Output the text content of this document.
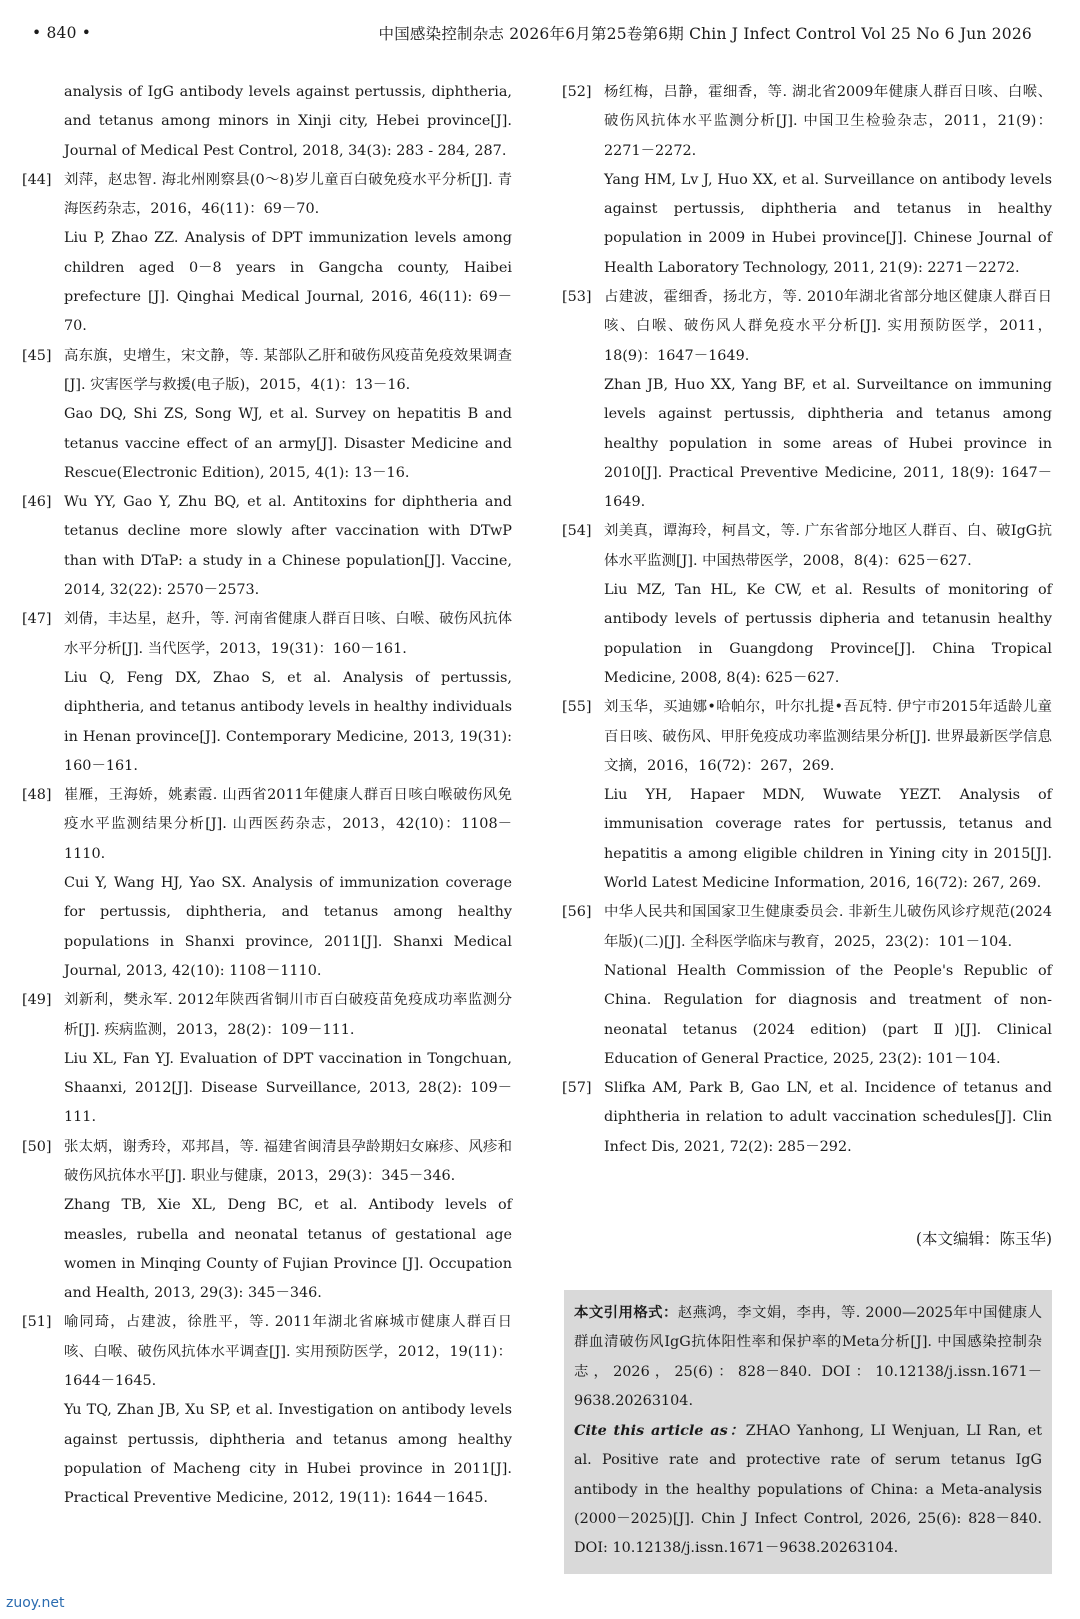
• 840 •	中国感染控制杂志 2026年6月第25卷第6期 Chin J Infect Control Vol 25 No 6 Jun 2026
analysis of IgG antibody levels against pertussis, diphtheria, and tetanus among minors in Xinji city, Hebei province[J]. Journal of Medical Pest Control, 2018, 34(3): 283 - 284, 287.
[44] 刘萍，赵忠智. 海北州刚察县(0～8)岁儿童百白破免疫水平分析[J]. 青海医药杂志，2016，46(11)：69－70.
Liu P, Zhao ZZ. Analysis of DPT immunization levels among children aged 0－8 years in Gangcha county, Haibei prefecture [J]. Qinghai Medical Journal, 2016, 46(11): 69－70.
[45] 高东旗，史增生，宋文静，等. 某部队乙肝和破伤风疫苗免疫效果调查[J]. 灾害医学与救援(电子版)，2015，4(1)：13－16.
Gao DQ, Shi ZS, Song WJ, et al. Survey on hepatitis B and tetanus vaccine effect of an army[J]. Disaster Medicine and Rescue(Electronic Edition), 2015, 4(1): 13－16.
[46] Wu YY, Gao Y, Zhu BQ, et al. Antitoxins for diphtheria and tetanus decline more slowly after vaccination with DTwP than with DTaP: a study in a Chinese population[J]. Vaccine, 2014, 32(22): 2570－2573.
[47] 刘倩，丰达星，赵升，等. 河南省健康人群百日咳、白喉、破伤风抗体水平分析[J]. 当代医学，2013，19(31)：160－161.
Liu Q, Feng DX, Zhao S, et al. Analysis of pertussis, diphtheria, and tetanus antibody levels in healthy individuals in Henan province[J]. Contemporary Medicine, 2013, 19(31): 160－161.
[48] 崔雁，王海娇，姚素霞. 山西省2011年健康人群百日咳白喉破伤风免疫水平监测结果分析[J]. 山西医药杂志，2013，42(10)：1108－1110.
Cui Y, Wang HJ, Yao SX. Analysis of immunization coverage for pertussis, diphtheria, and tetanus among healthy populations in Shanxi province, 2011[J]. Shanxi Medical Journal, 2013, 42(10): 1108－1110.
[49] 刘新利，樊永军. 2012年陕西省铜川市百白破疫苗免疫成功率监测分析[J]. 疾病监测，2013，28(2)：109－111.
Liu XL, Fan YJ. Evaluation of DPT vaccination in Tongchuan, Shaanxi, 2012[J]. Disease Surveillance, 2013, 28(2): 109－111.
[50] 张太炳，谢秀玲，邓邦昌，等. 福建省闽清县孕龄期妇女麻疹、风疹和破伤风抗体水平[J]. 职业与健康，2013，29(3)：345－346.
Zhang TB, Xie XL, Deng BC, et al. Antibody levels of measles, rubella and neonatal tetanus of gestational age women in Minqing County of Fujian Province [J]. Occupation and Health, 2013, 29(3): 345－346.
[51] 喻同琦，占建波，徐胜平，等. 2011年湖北省麻城市健康人群百日咳、白喉、破伤风抗体水平调查[J]. 实用预防医学，2012，19(11)：1644－1645.
Yu TQ, Zhan JB, Xu SP, et al. Investigation on antibody levels against pertussis, diphtheria and tetanus among healthy population of Macheng city in Hubei province in 2011[J]. Practical Preventive Medicine, 2012, 19(11): 1644－1645.
[52] 杨红梅，吕静，霍细香，等. 湖北省2009年健康人群百日咳、白喉、破伤风抗体水平监测分析[J]. 中国卫生检验杂志，2011，21(9)：2271－2272.
Yang HM, Lv J, Huo XX, et al. Surveillance on antibody levels against pertussis, diphtheria and tetanus in healthy population in 2009 in Hubei province[J]. Chinese Journal of Health Laboratory Technology, 2011, 21(9): 2271－2272.
[53] 占建波，霍细香，扬北方，等. 2010年湖北省部分地区健康人群百日咳、白喉、破伤风人群免疫水平分析[J]. 实用预防医学，2011，18(9)：1647－1649.
Zhan JB, Huo XX, Yang BF, et al. Surveiltance on immuning levels against pertussis, diphtheria and tetanus among healthy population in some areas of Hubei province in 2010[J]. Practical Preventive Medicine, 2011, 18(9): 1647－1649.
[54] 刘美真，谭海玲，柯昌文，等. 广东省部分地区人群百、白、破IgG抗体水平监测[J]. 中国热带医学，2008，8(4)：625－627.
Liu MZ, Tan HL, Ke CW, et al. Results of monitoring of antibody levels of pertussis dipheria and tetanusin healthy population in Guangdong Province[J]. China Tropical Medicine, 2008, 8(4): 625－627.
[55] 刘玉华，买迪娜•哈帕尔，叶尔扎提•吾瓦特. 伊宁市2015年适龄儿童百日咳、破伤风、甲肝免疫成功率监测结果分析[J]. 世界最新医学信息文摘，2016，16(72)：267，269.
Liu YH, Hapaer MDN, Wuwate YEZT. Analysis of immunisation coverage rates for pertussis, tetanus and hepatitis a among eligible children in Yining city in 2015[J]. World Latest Medicine Information, 2016, 16(72): 267, 269.
[56] 中华人民共和国国家卫生健康委员会. 非新生儿破伤风诊疗规范(2024年版)(二)[J]. 全科医学临床与教育，2025，23(2)：101－104.
National Health Commission of the People's Republic of China. Regulation for diagnosis and treatment of non-neonatal tetanus (2024 edition) (part Ⅱ)[J]. Clinical Education of General Practice, 2025, 23(2): 101－104.
[57] Slifka AM, Park B, Gao LN, et al. Incidence of tetanus and diphtheria in relation to adult vaccination schedules[J]. Clin Infect Dis, 2021, 72(2): 285－292.
(本文编辑：陈玉华)
本文引用格式：赵燕鸿，李文娟，李冉，等. 2000—2025年中国健康人群血清破伤风IgG抗体阳性率和保护率的Meta分析[J]. 中国感染控制杂志，2026，25(6)：828－840. DOI：10.12138/j.issn.1671－9638.20263104.
Cite this article as：ZHAO Yanhong, LI Wenjuan, LI Ran, et al. Positive rate and protective rate of serum tetanus IgG antibody in the healthy populations of China: a Meta-analysis (2000－2025)[J]. Chin J Infect Control, 2026, 25(6): 828－840. DOI: 10.12138/j.issn.1671－9638.20263104.
zuoy.net
